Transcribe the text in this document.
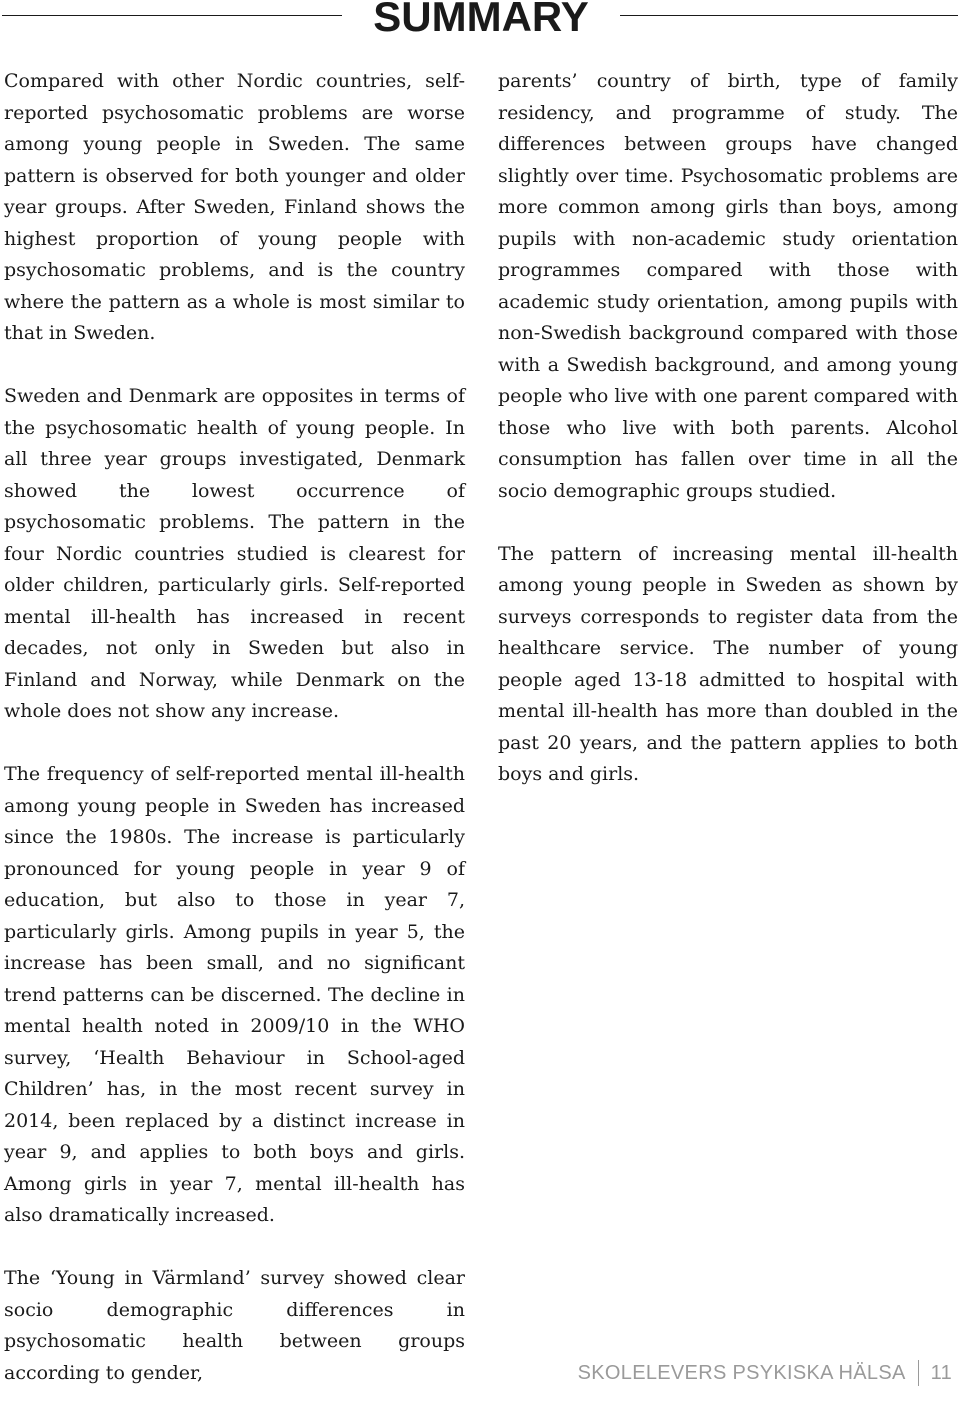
SUMMARY

Compared with other Nordic countries, self-reported psychosomatic problems are worse among young people in Sweden. The same pattern is observed for both younger and older year groups. After Sweden, Finland shows the highest proportion of young people with psychosomatic problems, and is the country where the pattern as a whole is most similar to that in Sweden.

Sweden and Denmark are opposites in terms of the psychosomatic health of young people. In all three year groups investigated, Denmark showed the lowest occurrence of psychosomatic problems. The pattern in the four Nordic countries studied is clearest for older children, particularly girls. Self-reported mental ill-health has increased in recent decades, not only in Sweden but also in Finland and Norway, while Denmark on the whole does not show any increase.

The frequency of self-reported mental ill-health among young people in Sweden has increased since the 1980s. The increase is particularly pronounced for young people in year 9 of education, but also to those in year 7, particularly girls. Among pupils in year 5, the increase has been small, and no significant trend patterns can be discerned. The decline in mental health noted in 2009/10 in the WHO survey, ‘Health Behaviour in School-aged Children’ has, in the most recent survey in 2014, been replaced by a distinct increase in year 9, and applies to both boys and girls. Among girls in year 7, mental ill-health has also dramatically increased.

The ‘Young in Värmland’ survey showed clear socio demographic differences in psychosomatic health between groups according to gender,

parents’ country of birth, type of family residency, and programme of study. The differences between groups have changed slightly over time. Psychosomatic problems are more common among girls than boys, among pupils with non-academic study orientation programmes compared with those with academic study orientation, among pupils with non-Swedish background compared with those with a Swedish background, and among young people who live with one parent compared with those who live with both parents. Alcohol consumption has fallen over time in all the socio demographic groups studied.

The pattern of increasing mental ill-health among young people in Sweden as shown by surveys corresponds to register data from the healthcare service. The number of young people aged 13-18 admitted to hospital with mental ill-health has more than doubled in the past 20 years, and the pattern applies to both boys and girls.

SKOLELEVERS PSYKISKA HÄLSA 11
